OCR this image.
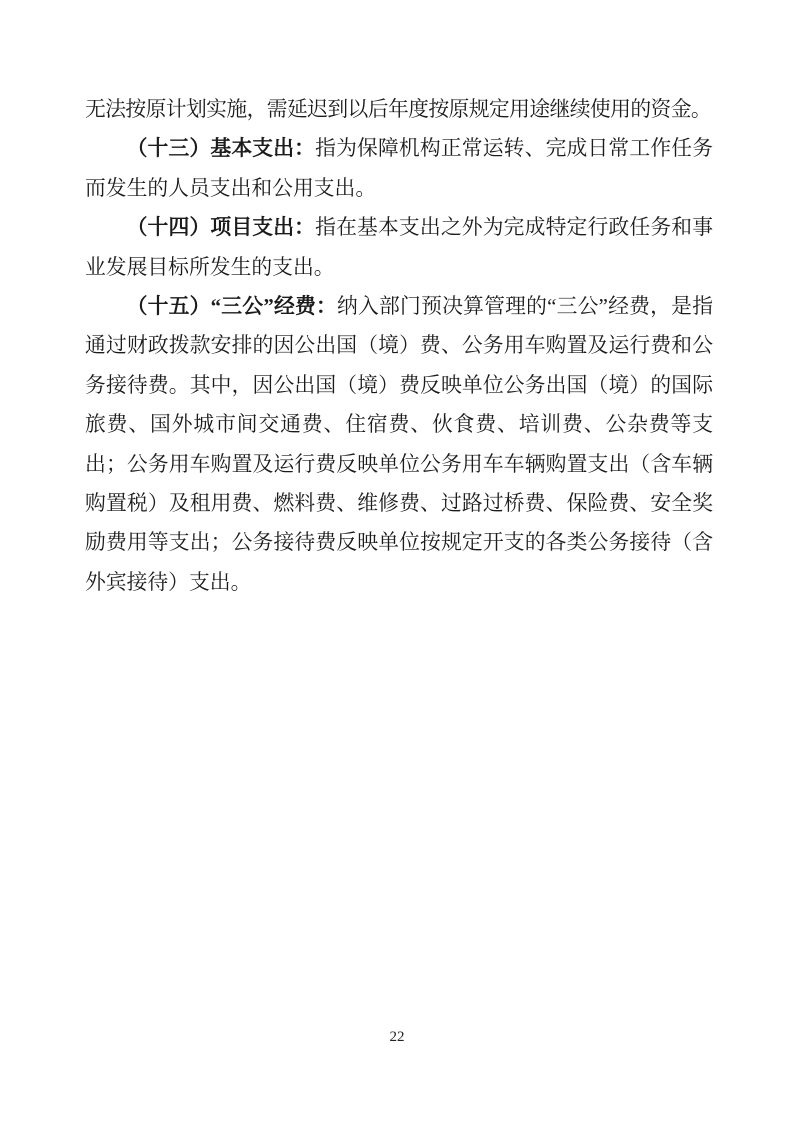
无法按原计划实施，需延迟到以后年度按原规定用途继续使用的资金。

（十三）基本支出：指为保障机构正常运转、完成日常工作任务而发生的人员支出和公用支出。

（十四）项目支出：指在基本支出之外为完成特定行政任务和事业发展目标所发生的支出。

（十五）“三公”经费：纳入部门预决算管理的“三公”经费，是指通过财政拨款安排的因公出国（境）费、公务用车购置及运行费和公务接待费。其中，因公出国（境）费反映单位公务出国（境）的国际旅费、国外城市间交通费、住宿费、伙食费、培训费、公杂费等支出；公务用车购置及运行费反映单位公务用车车辆购置支出（含车辆购置税）及租用费、燃料费、维修费、过路过桥费、保险费、安全奖励费用等支出；公务接待费反映单位按规定开支的各类公务接待（含外宾接待）支出。

22
